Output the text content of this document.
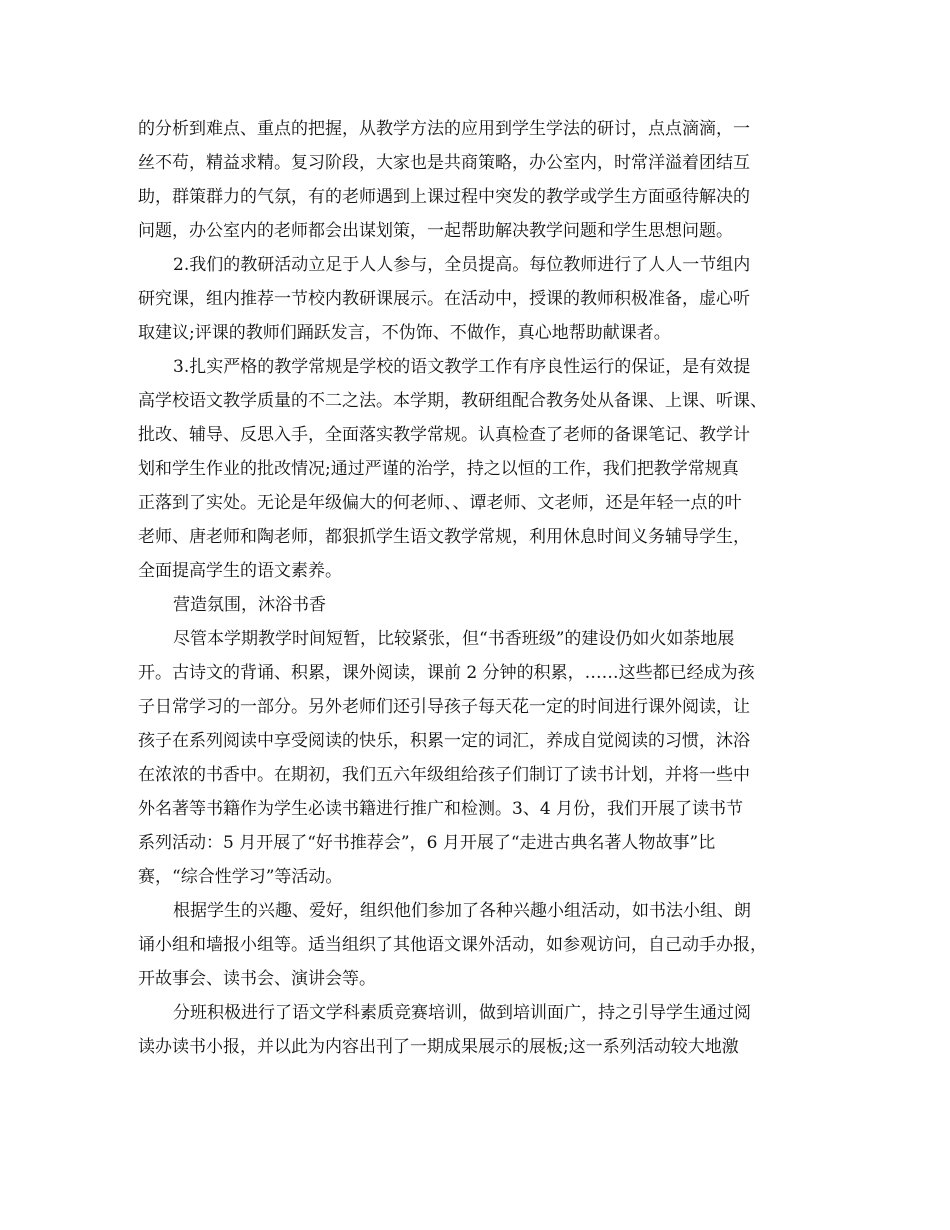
的分析到难点、重点的把握，从教学方法的应用到学生学法的研讨，点点滴滴，一
丝不苟，精益求精。复习阶段，大家也是共商策略，办公室内，时常洋溢着团结互
助，群策群力的气氛，有的老师遇到上课过程中突发的教学或学生方面亟待解决的
问题，办公室内的老师都会出谋划策，一起帮助解决教学问题和学生思想问题。
2.我们的教研活动立足于人人参与，全员提高。每位教师进行了人人一节组内
研究课，组内推荐一节校内教研课展示。在活动中，授课的教师积极准备，虚心听
取建议;评课的教师们踊跃发言，不伪饰、不做作，真心地帮助献课者。
3.扎实严格的教学常规是学校的语文教学工作有序良性运行的保证，是有效提
高学校语文教学质量的不二之法。本学期，教研组配合教务处从备课、上课、听课、
批改、辅导、反思入手，全面落实教学常规。认真检查了老师的备课笔记、教学计
划和学生作业的批改情况;通过严谨的治学，持之以恒的工作，我们把教学常规真
正落到了实处。无论是年级偏大的何老师、、谭老师、文老师，还是年轻一点的叶
老师、唐老师和陶老师，都狠抓学生语文教学常规，利用休息时间义务辅导学生，
全面提高学生的语文素养。
营造氛围，沐浴书香
尽管本学期教学时间短暂，比较紧张，但“书香班级”的建设仍如火如荼地展
开。古诗文的背诵、积累，课外阅读，课前 2 分钟的积累，……这些都已经成为孩
子日常学习的一部分。另外老师们还引导孩子每天花一定的时间进行课外阅读，让
孩子在系列阅读中享受阅读的快乐，积累一定的词汇，养成自觉阅读的习惯，沐浴
在浓浓的书香中。在期初，我们五六年级组给孩子们制订了读书计划，并将一些中
外名著等书籍作为学生必读书籍进行推广和检测。3、4 月份，我们开展了读书节
系列活动：5 月开展了“好书推荐会”，6 月开展了“走进古典名著人物故事”比
赛，“综合性学习”等活动。
根据学生的兴趣、爱好，组织他们参加了各种兴趣小组活动，如书法小组、朗
诵小组和墙报小组等。适当组织了其他语文课外活动，如参观访问，自己动手办报，
开故事会、读书会、演讲会等。
分班积极进行了语文学科素质竞赛培训，做到培训面广，持之引导学生通过阅
读办读书小报，并以此为内容出刊了一期成果展示的展板;这一系列活动较大地激
